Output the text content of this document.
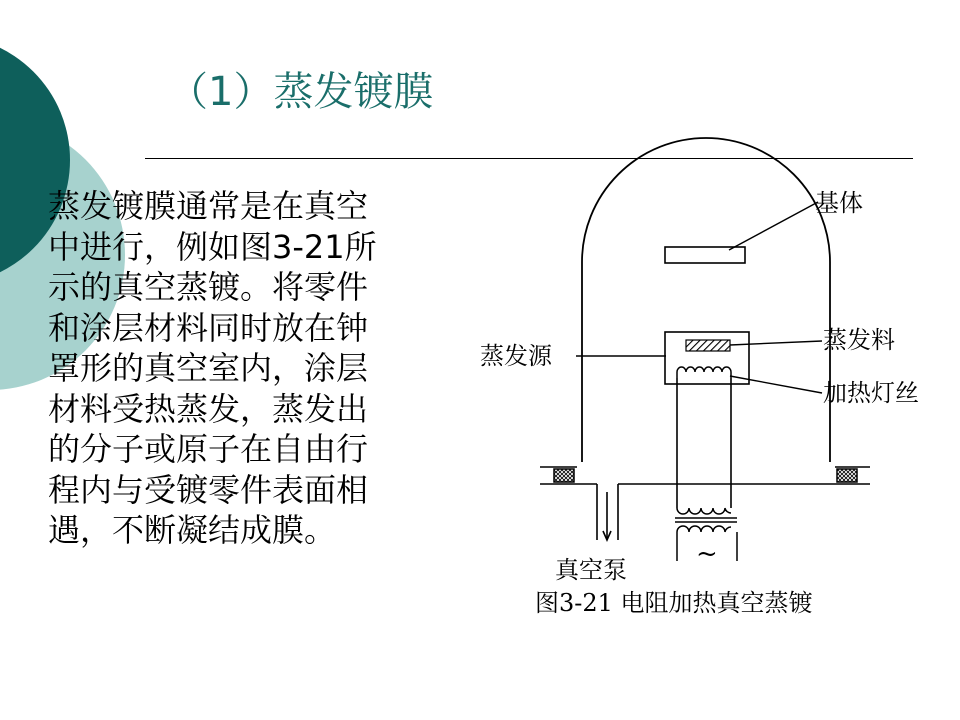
（1）蒸发镀膜
蒸发镀膜通常是在真空
中进行，例如图3-21所
示的真空蒸镀。将零件
和涂层材料同时放在钟
罩形的真空室内，涂层
材料受热蒸发，蒸发出
的分子或原子在自由行
程内与受镀零件表面相
遇，不断凝结成膜。
基体
蒸发源
蒸发料
加热灯丝
~
真空泵
图3-21 电阻加热真空蒸镀
